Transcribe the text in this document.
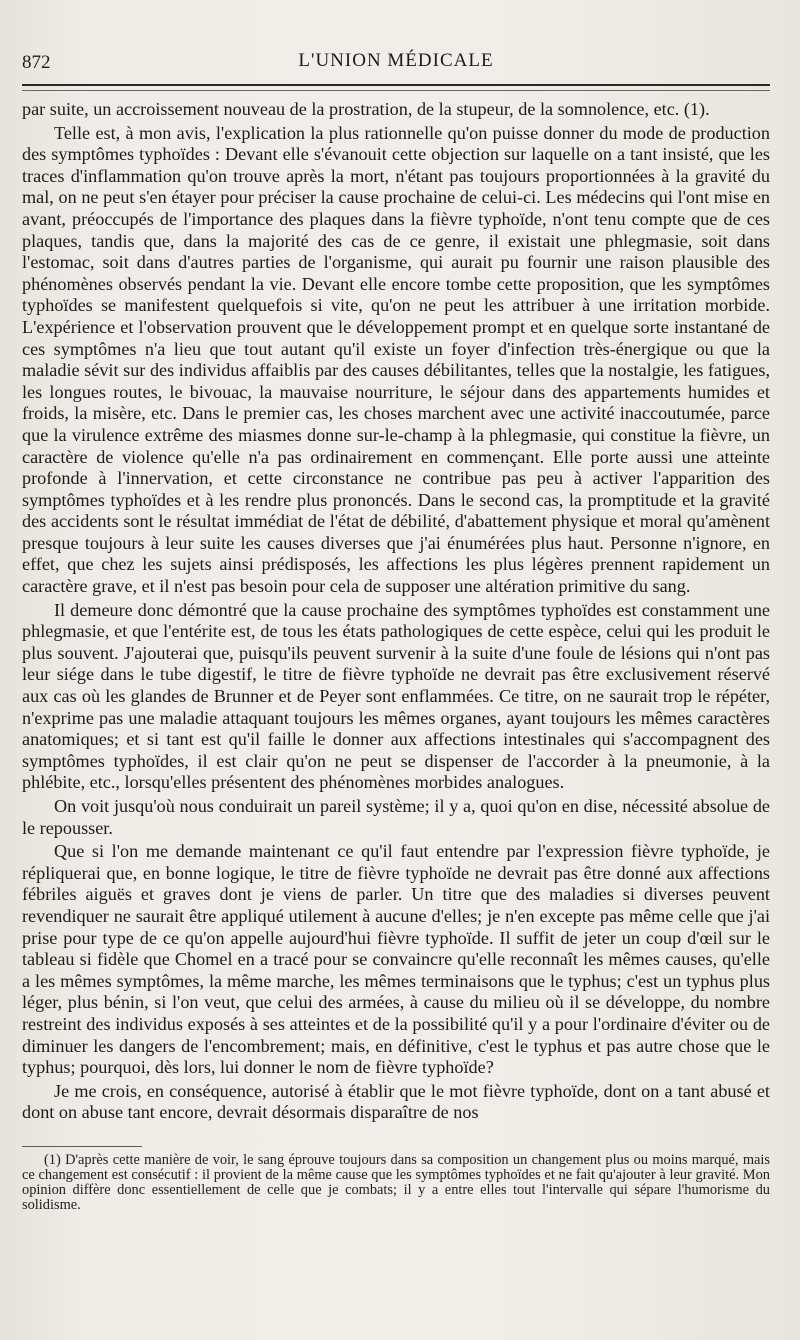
872	L'UNION MÉDICALE

par suite, un accroissement nouveau de la prostration, de la stupeur, de la somnolence, etc. (1).

Telle est, à mon avis, l'explication la plus rationnelle qu'on puisse donner du mode de production des symptômes typhoïdes : Devant elle s'évanouit cette objection sur laquelle on a tant insisté, que les traces d'inflammation qu'on trouve après la mort, n'étant pas toujours proportionnées à la gravité du mal, on ne peut s'en étayer pour préciser la cause prochaine de celui-ci. Les médecins qui l'ont mise en avant, préoccupés de l'importance des plaques dans la fièvre typhoïde, n'ont tenu compte que de ces plaques, tandis que, dans la majorité des cas de ce genre, il existait une phlegmasie, soit dans l'estomac, soit dans d'autres parties de l'organisme, qui aurait pu fournir une raison plausible des phénomènes observés pendant la vie. Devant elle encore tombe cette proposition, que les symptômes typhoïdes se manifestent quelquefois si vite, qu'on ne peut les attribuer à une irritation morbide. L'expérience et l'observation prouvent que le développement prompt et en quelque sorte instantané de ces symptômes n'a lieu que tout autant qu'il existe un foyer d'infection très-énergique ou que la maladie sévit sur des individus affaiblis par des causes débilitantes, telles que la nostalgie, les fatigues, les longues routes, le bivouac, la mauvaise nourriture, le séjour dans des appartements humides et froids, la misère, etc. Dans le premier cas, les choses marchent avec une activité inaccoutumée, parce que la virulence extrême des miasmes donne sur-le-champ à la phlegmasie, qui constitue la fièvre, un caractère de violence qu'elle n'a pas ordinairement en commençant. Elle porte aussi une atteinte profonde à l'innervation, et cette circonstance ne contribue pas peu à activer l'apparition des symptômes typhoïdes et à les rendre plus prononcés. Dans le second cas, la promptitude et la gravité des accidents sont le résultat immédiat de l'état de débilité, d'abattement physique et moral qu'amènent presque toujours à leur suite les causes diverses que j'ai énumérées plus haut. Personne n'ignore, en effet, que chez les sujets ainsi prédisposés, les affections les plus légères prennent rapidement un caractère grave, et il n'est pas besoin pour cela de supposer une altération primitive du sang.

Il demeure donc démontré que la cause prochaine des symptômes typhoïdes est constamment une phlegmasie, et que l'entérite est, de tous les états pathologiques de cette espèce, celui qui les produit le plus souvent. J'ajouterai que, puisqu'ils peuvent survenir à la suite d'une foule de lésions qui n'ont pas leur siége dans le tube digestif, le titre de fièvre typhoïde ne devrait pas être exclusivement réservé aux cas où les glandes de Brunner et de Peyer sont enflammées. Ce titre, on ne saurait trop le répéter, n'exprime pas une maladie attaquant toujours les mêmes organes, ayant toujours les mêmes caractères anatomiques; et si tant est qu'il faille le donner aux affections intestinales qui s'accompagnent des symptômes typhoïdes, il est clair qu'on ne peut se dispenser de l'accorder à la pneumonie, à la phlébite, etc., lorsqu'elles présentent des phénomènes morbides analogues.

On voit jusqu'où nous conduirait un pareil système; il y a, quoi qu'on en dise, nécessité absolue de le repousser.

Que si l'on me demande maintenant ce qu'il faut entendre par l'expression fièvre typhoïde, je répliquerai que, en bonne logique, le titre de fièvre typhoïde ne devrait pas être donné aux affections fébriles aiguës et graves dont je viens de parler. Un titre que des maladies si diverses peuvent revendiquer ne saurait être appliqué utilement à aucune d'elles; je n'en excepte pas même celle que j'ai prise pour type de ce qu'on appelle aujourd'hui fièvre typhoïde. Il suffit de jeter un coup d'œil sur le tableau si fidèle que Chomel en a tracé pour se convaincre qu'elle reconnaît les mêmes causes, qu'elle a les mêmes symptômes, la même marche, les mêmes terminaisons que le typhus; c'est un typhus plus léger, plus bénin, si l'on veut, que celui des armées, à cause du milieu où il se développe, du nombre restreint des individus exposés à ses atteintes et de la possibilité qu'il y a pour l'ordinaire d'éviter ou de diminuer les dangers de l'encombrement; mais, en définitive, c'est le typhus et pas autre chose que le typhus; pourquoi, dès lors, lui donner le nom de fièvre typhoïde?

Je me crois, en conséquence, autorisé à établir que le mot fièvre typhoïde, dont on a tant abusé et dont on abuse tant encore, devrait désormais disparaître de nos

(1) D'après cette manière de voir, le sang éprouve toujours dans sa composition un changement plus ou moins marqué, mais ce changement est consécutif : il provient de la même cause que les symptômes typhoïdes et ne fait qu'ajouter à leur gravité. Mon opinion diffère donc essentiellement de celle que je combats; il y a entre elles tout l'intervalle qui sépare l'humorisme du solidisme.
